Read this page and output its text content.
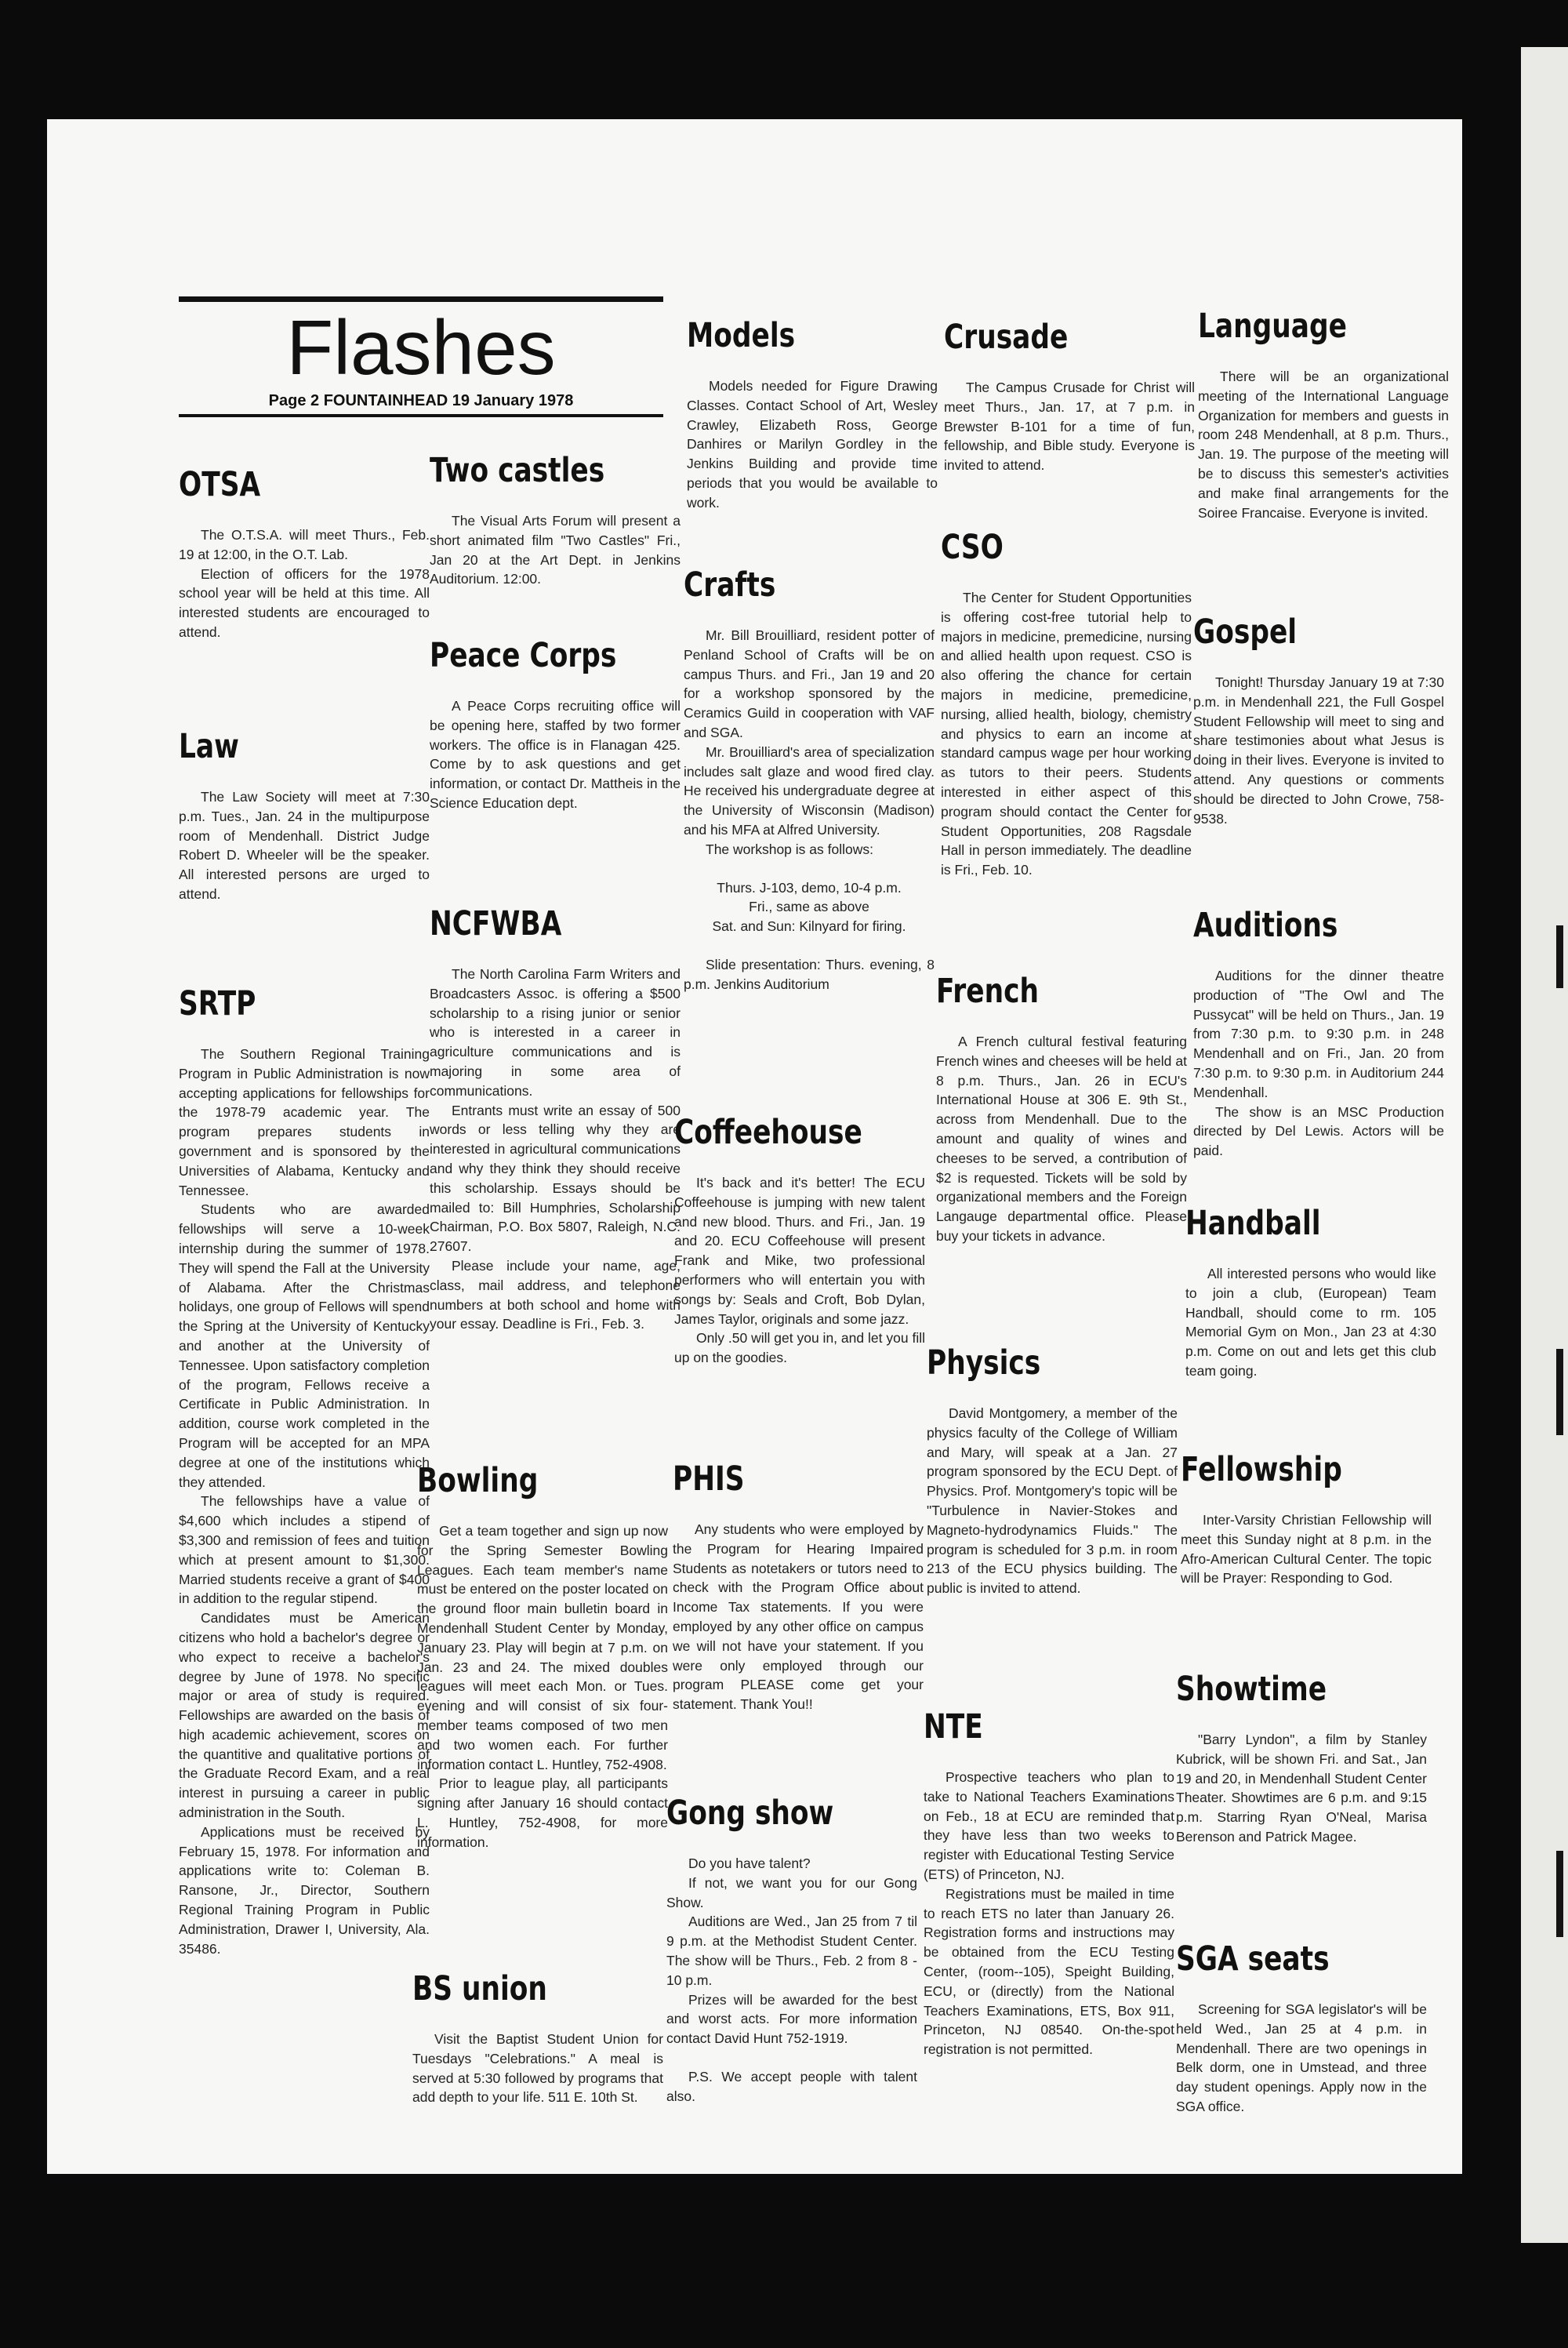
Flashes
Page 2 FOUNTAINHEAD 19 January 1978
OTSA

The O.T.S.A. will meet Thurs., Feb. 19 at 12:00, in the O.T. Lab.

Election of officers for the 1978 school year will be held at this time. All interested students are encouraged to attend.

Law

The Law Society will meet at 7:30 p.m. Tues., Jan. 24 in the multipurpose room of Mendenhall. District Judge Robert D. Wheeler will be the speaker. All interested persons are urged to attend.

SRTP

The Southern Regional Training Program in Public Administration is now accepting applications for fellowships for the 1978-79 academic year. The program prepares students in government and is sponsored by the Universities of Alabama, Kentucky and Tennessee.

Students who are awarded fellowships will serve a 10-week internship during the summer of 1978. They will spend the Fall at the University of Alabama. After the Christmas holidays, one group of Fellows will spend the Spring at the University of Kentucky and another at the University of Tennessee. Upon satisfactory completion of the program, Fellows receive a Certificate in Public Administration. In addition, course work completed in the Program will be accepted for an MPA degree at one of the institutions which they attended.

The fellowships have a value of $4,600 which includes a stipend of $3,300 and remission of fees and tuition which at present amount to $1,300. Married students receive a grant of $400 in addition to the regular stipend.

Candidates must be American citizens who hold a bachelor's degree or who expect to receive a bachelor's degree by June of 1978. No specific major or area of study is required. Fellowships are awarded on the basis of high academic achievement, scores on the quantitive and qualitative portions of the Graduate Record Exam, and a real interest in pursuing a career in public administration in the South.

Applications must be received by February 15, 1978. For information and applications write to: Coleman B. Ransone, Jr., Director, Southern Regional Training Program in Public Administration, Drawer I, University, Ala. 35486.

Two castles

The Visual Arts Forum will present a short animated film "Two Castles" Fri., Jan 20 at the Art Dept. in Jenkins Auditorium. 12:00.

Peace Corps

A Peace Corps recruiting office will be opening here, staffed by two former workers. The office is in Flanagan 425. Come by to ask questions and get information, or contact Dr. Mattheis in the Science Education dept.

NCFWBA

The North Carolina Farm Writers and Broadcasters Assoc. is offering a $500 scholarship to a rising junior or senior who is interested in a career in agriculture communications and is majoring in some area of communications.

Entrants must write an essay of 500 words or less telling why they are interested in agricultural communications and why they think they should receive this scholarship. Essays should be mailed to: Bill Humphries, Scholarship Chairman, P.O. Box 5807, Raleigh, N.C. 27607.

Please include your name, age, class, mail address, and telephone numbers at both school and home with your essay. Deadline is Fri., Feb. 3.

Bowling

Get a team together and sign up now for the Spring Semester Bowling Leagues. Each team member's name must be entered on the poster located on the ground floor main bulletin board in Mendenhall Student Center by Monday, January 23. Play will begin at 7 p.m. on Jan. 23 and 24. The mixed doubles leagues will meet each Mon. or Tues. evening and will consist of six four-member teams composed of two men and two women each. For further information contact L. Huntley, 752-4908.

Prior to league play, all participants signing after January 16 should contact L. Huntley, 752-4908, for more information.

BS union

Visit the Baptist Student Union for Tuesdays "Celebrations." A meal is served at 5:30 followed by programs that add depth to your life. 511 E. 10th St.

Models

Models needed for Figure Drawing Classes. Contact School of Art, Wesley Crawley, Elizabeth Ross, George Danhires or Marilyn Gordley in the Jenkins Building and provide time periods that you would be available to work.

Crafts

Mr. Bill Brouilliard, resident potter of Penland School of Crafts will be on campus Thurs. and Fri., Jan 19 and 20 for a workshop sponsored by the Ceramics Guild in cooperation with VAF and SGA.

Mr. Brouilliard's area of specialization includes salt glaze and wood fired clay. He received his undergraduate degree at the University of Wisconsin (Madison) and his MFA at Alfred University.

The workshop is as follows:

Thurs. J-103, demo, 10-4 p.m.

Fri., same as above

Sat. and Sun: Kilnyard for firing.

Slide presentation: Thurs. evening, 8 p.m. Jenkins Auditorium

Coffeehouse

It's back and it's better! The ECU Coffeehouse is jumping with new talent and new blood. Thurs. and Fri., Jan. 19 and 20. ECU Coffeehouse will present Frank and Mike, two professional performers who will entertain you with songs by: Seals and Croft, Bob Dylan, James Taylor, originals and some jazz.

Only .50 will get you in, and let you fill up on the goodies.

PHIS

Any students who were employed by the Program for Hearing Impaired Students as notetakers or tutors need to check with the Program Office about Income Tax statements. If you were employed by any other office on campus we will not have your statement. If you were only employed through our program PLEASE come get your statement. Thank You!!

Gong show

Do you have talent?

If not, we want you for our Gong Show.

Auditions are Wed., Jan 25 from 7 til 9 p.m. at the Methodist Student Center. The show will be Thurs., Feb. 2 from 8 - 10 p.m.

Prizes will be awarded for the best and worst acts. For more information contact David Hunt 752-1919.

P.S. We accept people with talent also.

Crusade

The Campus Crusade for Christ will meet Thurs., Jan. 17, at 7 p.m. in Brewster B-101 for a time of fun, fellowship, and Bible study. Everyone is invited to attend.

CSO

The Center for Student Opportunities is offering cost-free tutorial help to majors in medicine, premedicine, nursing and allied health upon request. CSO is also offering the chance for certain majors in medicine, premedicine, nursing, allied health, biology, chemistry and physics to earn an income at standard campus wage per hour working as tutors to their peers. Students interested in either aspect of this program should contact the Center for Student Opportunities, 208 Ragsdale Hall in person immediately. The deadline is Fri., Feb. 10.

French

A French cultural festival featuring French wines and cheeses will be held at 8 p.m. Thurs., Jan. 26 in ECU's International House at 306 E. 9th St., across from Mendenhall. Due to the amount and quality of wines and cheeses to be served, a contribution of $2 is requested. Tickets will be sold by organizational members and the Foreign Langauge departmental office. Please buy your tickets in advance.

Physics

David Montgomery, a member of the physics faculty of the College of William and Mary, will speak at a Jan. 27 program sponsored by the ECU Dept. of Physics. Prof. Montgomery's topic will be "Turbulence in Navier-Stokes and Magneto-hydrodynamics Fluids." The program is scheduled for 3 p.m. in room 213 of the ECU physics building. The public is invited to attend.

NTE

Prospective teachers who plan to take to National Teachers Examinations on Feb., 18 at ECU are reminded that they have less than two weeks to register with Educational Testing Service (ETS) of Princeton, NJ.

Registrations must be mailed in time to reach ETS no later than January 26. Registration forms and instructions may be obtained from the ECU Testing Center, (room--105), Speight Building, ECU, or (directly) from the National Teachers Examinations, ETS, Box 911, Princeton, NJ 08540. On-the-spot registration is not permitted.

Language

There will be an organizational meeting of the International Language Organization for members and guests in room 248 Mendenhall, at 8 p.m. Thurs., Jan. 19. The purpose of the meeting will be to discuss this semester's activities and make final arrangements for the Soiree Francaise. Everyone is invited.

Gospel

Tonight! Thursday January 19 at 7:30 p.m. in Mendenhall 221, the Full Gospel Student Fellowship will meet to sing and share testimonies about what Jesus is doing in their lives. Everyone is invited to attend. Any questions or comments should be directed to John Crowe, 758-9538.

Auditions

Auditions for the dinner theatre production of "The Owl and The Pussycat" will be held on Thurs., Jan. 19 from 7:30 p.m. to 9:30 p.m. in 248 Mendenhall and on Fri., Jan. 20 from 7:30 p.m. to 9:30 p.m. in Auditorium 244 Mendenhall.

The show is an MSC Production directed by Del Lewis. Actors will be paid.

Handball

All interested persons who would like to join a club, (European) Team Handball, should come to rm. 105 Memorial Gym on Mon., Jan 23 at 4:30 p.m. Come on out and lets get this club team going.

Fellowship

Inter-Varsity Christian Fellowship will meet this Sunday night at 8 p.m. in the Afro-American Cultural Center. The topic will be Prayer: Responding to God.

Showtime

"Barry Lyndon", a film by Stanley Kubrick, will be shown Fri. and Sat., Jan 19 and 20, in Mendenhall Student Center Theater. Showtimes are 6 p.m. and 9:15 p.m. Starring Ryan O'Neal, Marisa Berenson and Patrick Magee.

SGA seats

Screening for SGA legislator's will be held Wed., Jan 25 at 4 p.m. in Mendenhall. There are two openings in Belk dorm, one in Umstead, and three day student openings. Apply now in the SGA office.
